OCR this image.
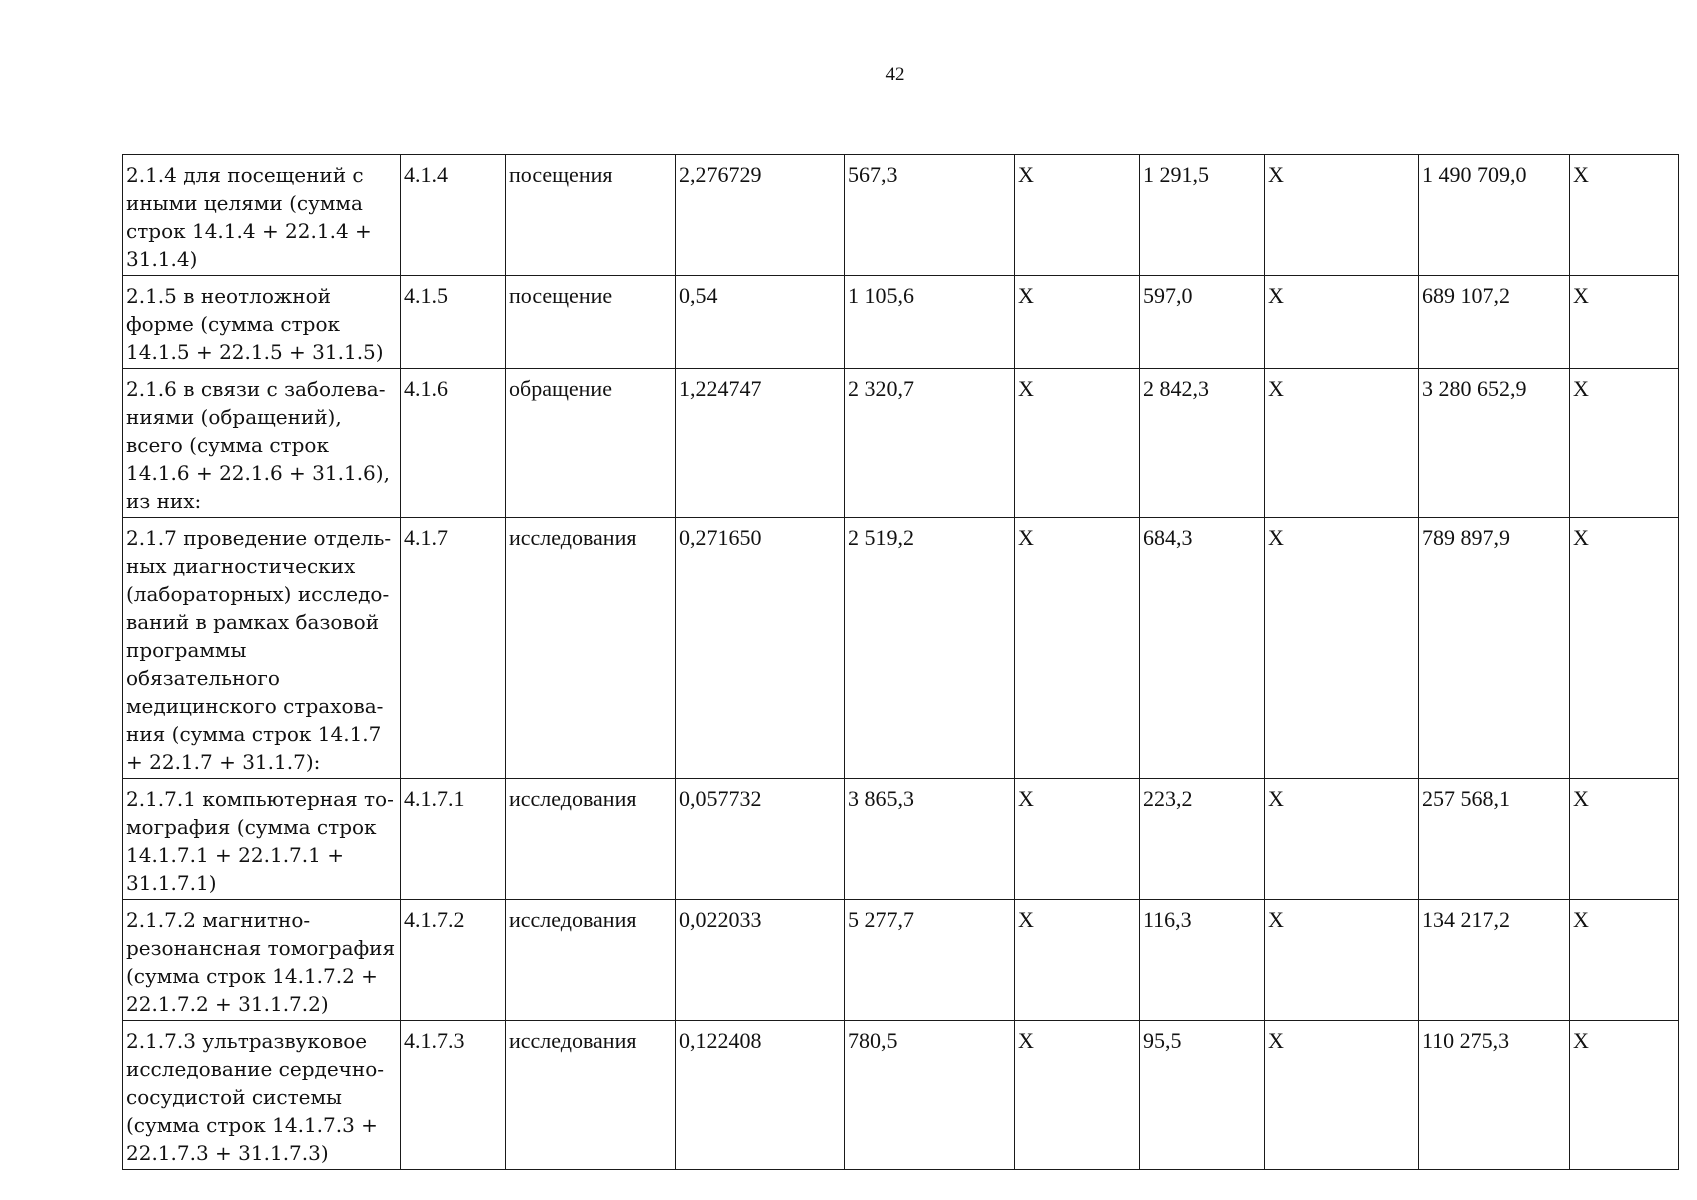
42
2.1.4 для посещений с иными целями (сумма строк 14.1.4 + 22.1.4 + 31.1.4)	4.1.4	посещения	2,276729	567,3	X	1 291,5	X	1 490 709,0	X
2.1.5 в неотложной форме (сумма строк 14.1.5 + 22.1.5 + 31.1.5)	4.1.5	посещение	0,54	1 105,6	X	597,0	X	689 107,2	X
2.1.6 в связи с заболева-ниями (обращений), всего (сумма строк 14.1.6 + 22.1.6 + 31.1.6), из них:	4.1.6	обращение	1,224747	2 320,7	X	2 842,3	X	3 280 652,9	X
2.1.7 проведение отдель-ных диагностических (лабораторных) исследо-ваний в рамках базовой программы обязательного медицинского страхова-ния (сумма строк 14.1.7 + 22.1.7 + 31.1.7):	4.1.7	исследования	0,271650	2 519,2	X	684,3	X	789 897,9	X
2.1.7.1 компьютерная то-мография (сумма строк 14.1.7.1 + 22.1.7.1 + 31.1.7.1)	4.1.7.1	исследования	0,057732	3 865,3	X	223,2	X	257 568,1	X
2.1.7.2 магнитно-резонансная томография (сумма строк 14.1.7.2 + 22.1.7.2 + 31.1.7.2)	4.1.7.2	исследования	0,022033	5 277,7	X	116,3	X	134 217,2	X
2.1.7.3 ультразвуковое исследование сердечно-сосудистой системы (сумма строк 14.1.7.3 + 22.1.7.3 + 31.1.7.3)	4.1.7.3	исследования	0,122408	780,5	X	95,5	X	110 275,3	X
